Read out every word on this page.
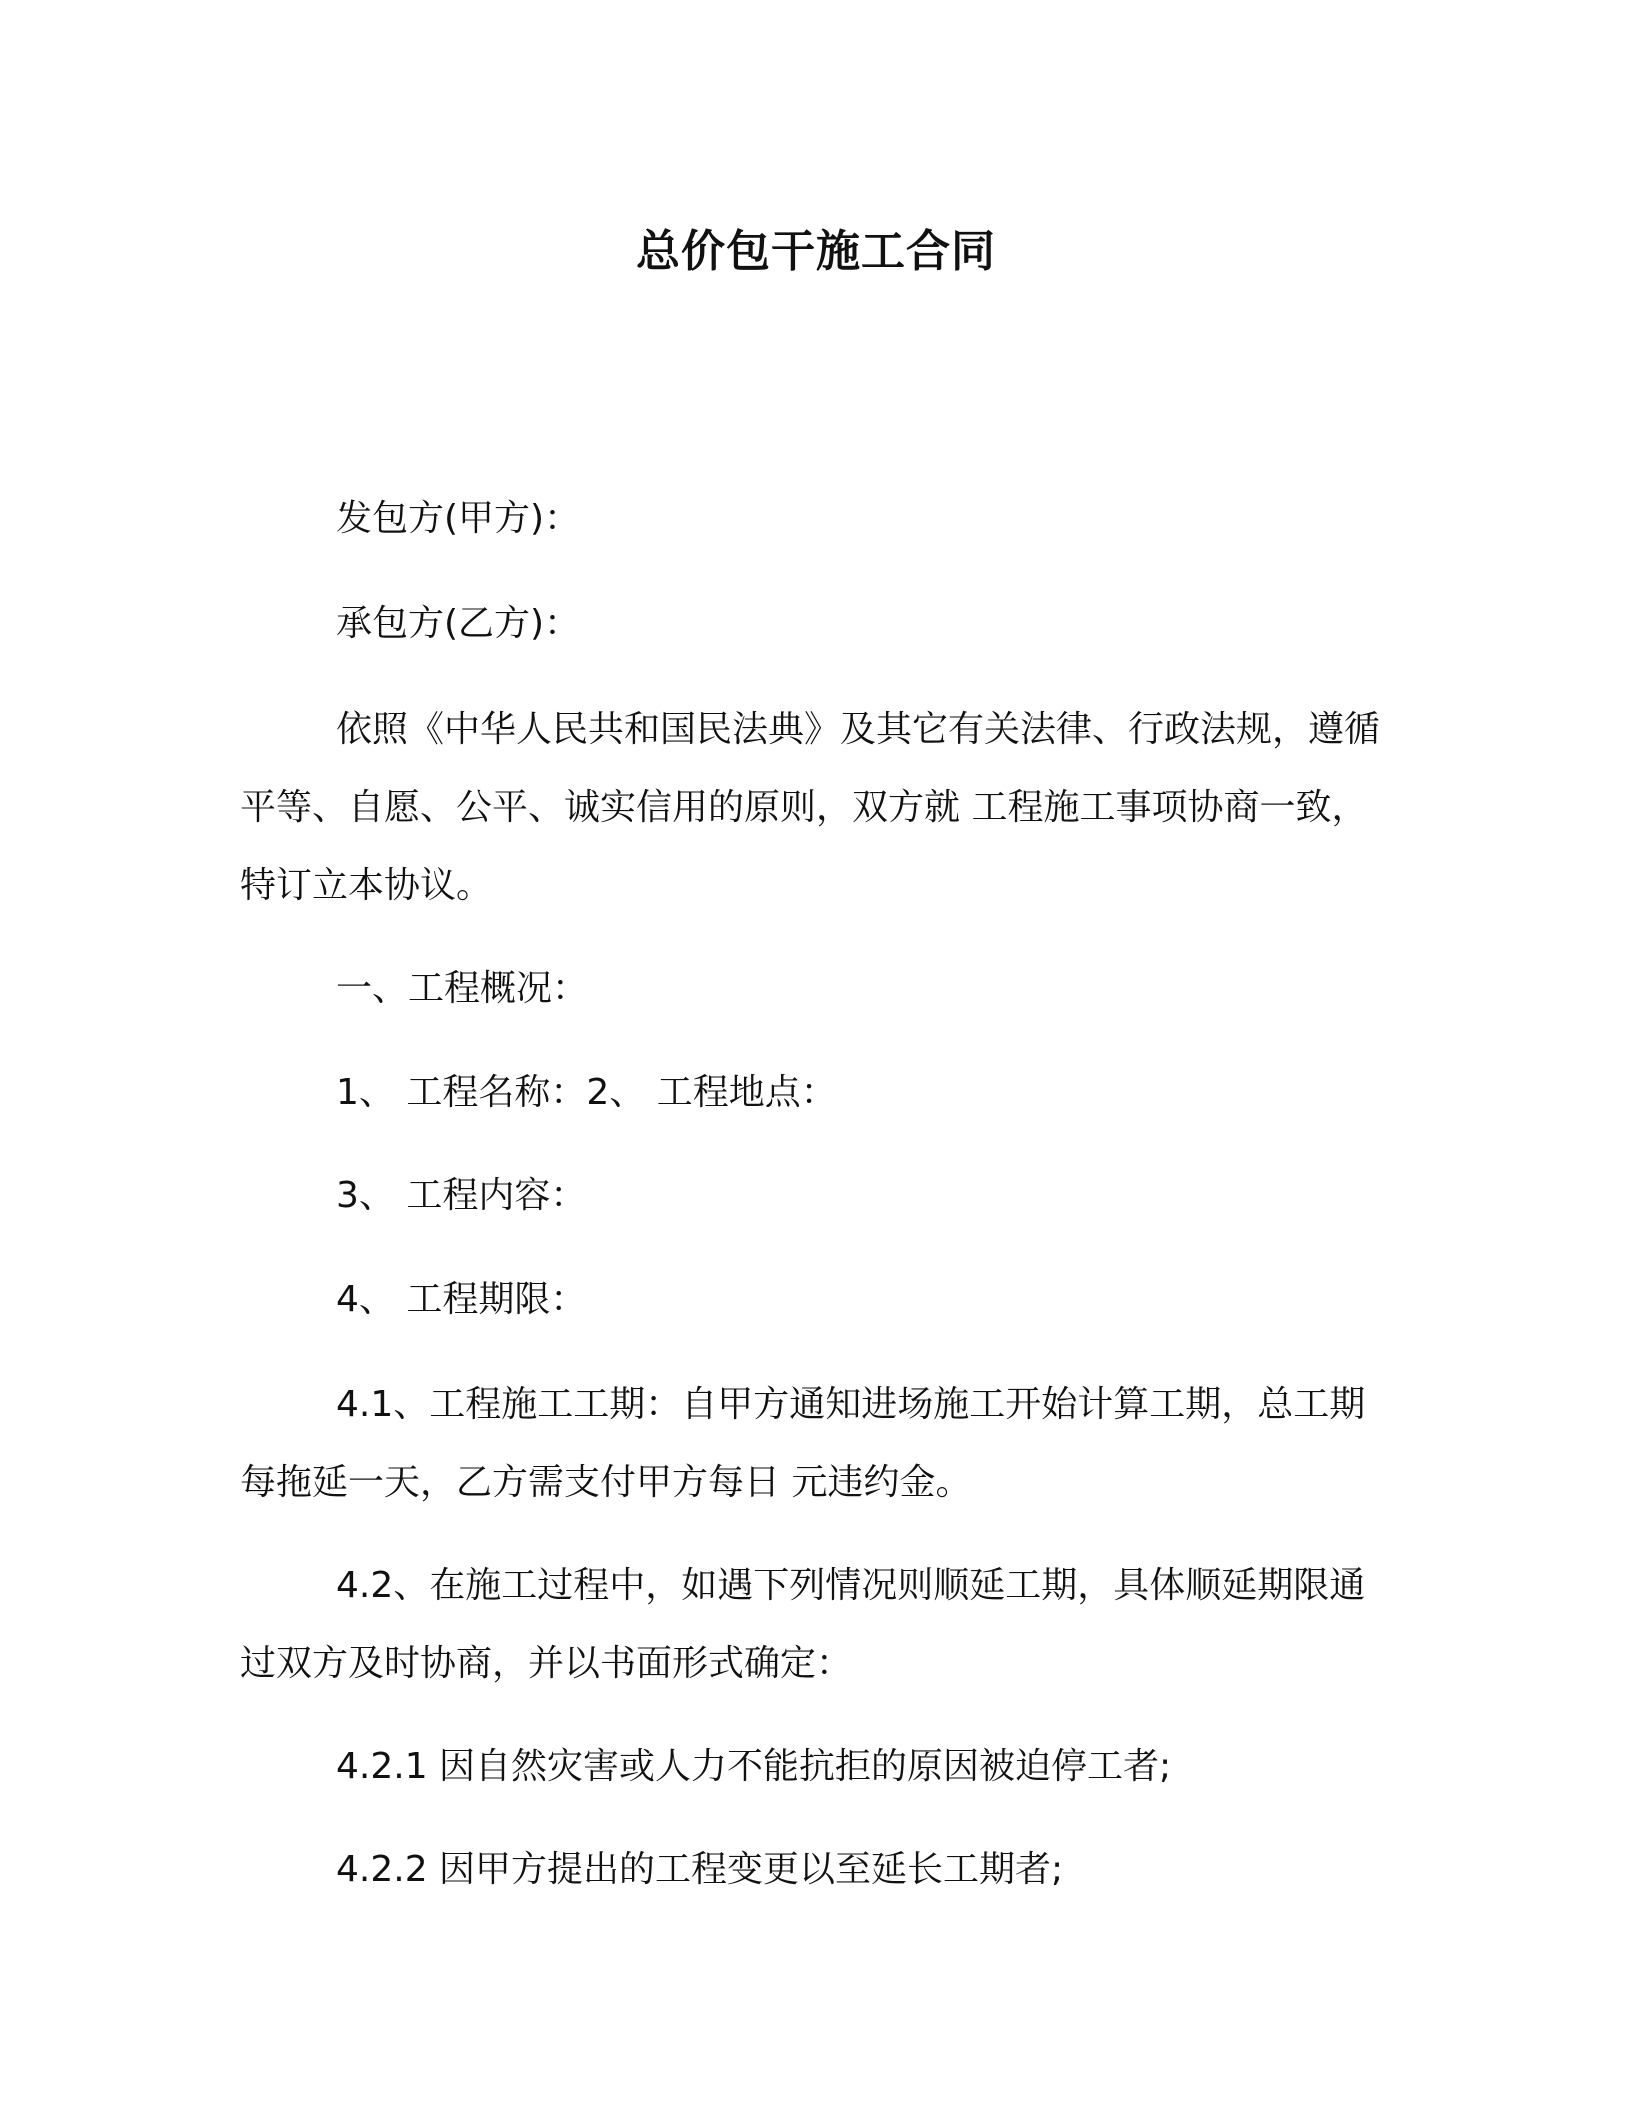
总价包干施工合同
发包方(甲方)：
承包方(乙方)：
依照《中华人民共和国民法典》及其它有关法律、行政法规，遵循平等、自愿、公平、诚实信用的原则，双方就 工程施工事项协商一致，特订立本协议。
一、工程概况：
1、 工程名称：2、 工程地点：
3、 工程内容：
4、 工程期限：
4.1、工程施工工期：自甲方通知进场施工开始计算工期，总工期每拖延一天，乙方需支付甲方每日 元违约金。
4.2、在施工过程中，如遇下列情况则顺延工期，具体顺延期限通过双方及时协商，并以书面形式确定：
4.2.1 因自然灾害或人力不能抗拒的原因被迫停工者;
4.2.2 因甲方提出的工程变更以至延长工期者;
